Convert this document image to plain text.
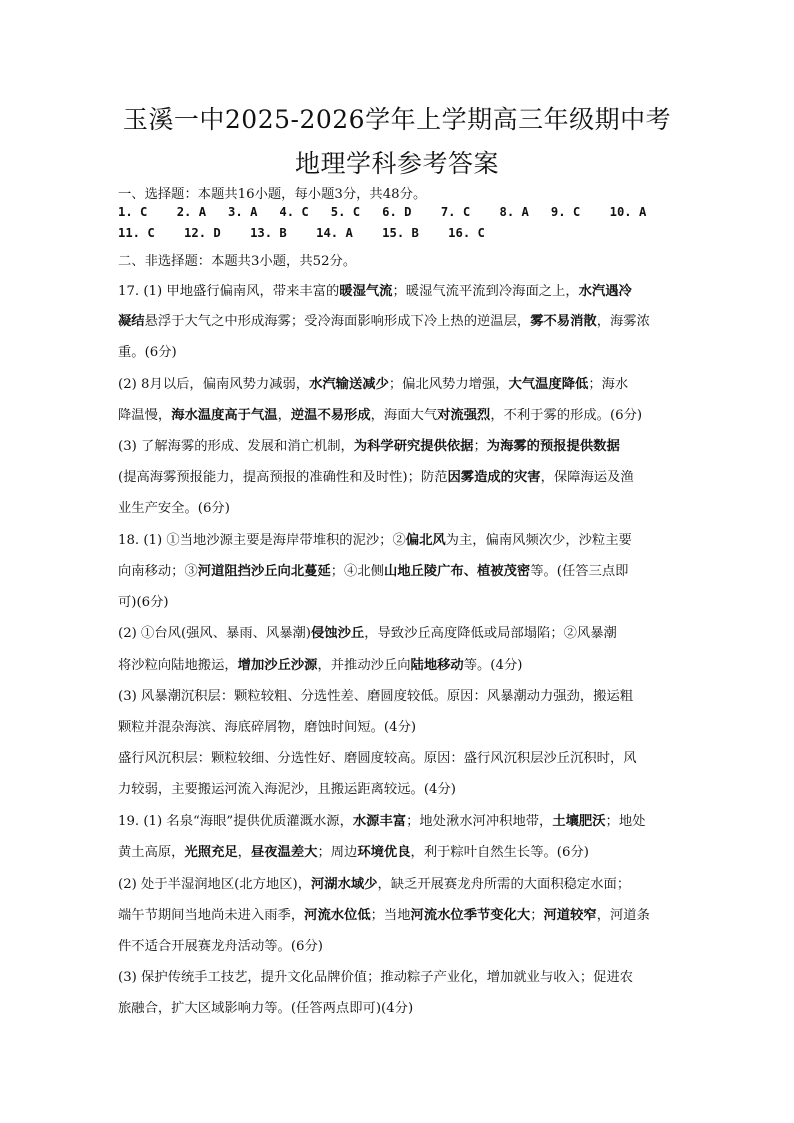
玉溪一中2025-2026学年上学期高三年级期中考
地理学科参考答案
一、选择题：本题共16小题，每小题3分，共48分。
1. C    2. A   3. A   4. C   5. C   6. D    7. C    8. A   9. C    10. A
11. C    12. D    13. B    14. A    15. B    16. C
二、非选择题：本题共3小题，共52分。
17. (1) 甲地盛行偏南风，带来丰富的暖湿气流；暖湿气流平流到冷海面之上，水汽遇冷
凝结悬浮于大气之中形成海雾；受冷海面影响形成下冷上热的逆温层，雾不易消散，海雾浓
重。(6分)
(2) 8月以后，偏南风势力减弱，水汽输送减少；偏北风势力增强，大气温度降低；海水
降温慢，海水温度高于气温，逆温不易形成，海面大气对流强烈，不利于雾的形成。(6分)
(3) 了解海雾的形成、发展和消亡机制，为科学研究提供依据；为海雾的预报提供数据
(提高海雾预报能力，提高预报的准确性和及时性)；防范因雾造成的灾害，保障海运及渔
业生产安全。(6分)
18. (1) ①当地沙源主要是海岸带堆积的泥沙；②偏北风为主，偏南风频次少，沙粒主要
向南移动；③河道阻挡沙丘向北蔓延；④北侧山地丘陵广布、植被茂密等。(任答三点即
可)(6分)
(2) ①台风(强风、暴雨、风暴潮)侵蚀沙丘，导致沙丘高度降低或局部塌陷；②风暴潮
将沙粒向陆地搬运，增加沙丘沙源，并推动沙丘向陆地移动等。(4分)
(3) 风暴潮沉积层：颗粒较粗、分选性差、磨圆度较低。原因：风暴潮动力强劲，搬运粗
颗粒并混杂海滨、海底碎屑物，磨蚀时间短。(4分)
盛行风沉积层：颗粒较细、分选性好、磨圆度较高。原因：盛行风沉积层沙丘沉积时，风
力较弱，主要搬运河流入海泥沙，且搬运距离较远。(4分)
19. (1) 名泉“海眼”提供优质灌溉水源，水源丰富；地处湫水河冲积地带，土壤肥沃；地处
黄土高原，光照充足，昼夜温差大；周边环境优良，利于粽叶自然生长等。(6分)
(2) 处于半湿润地区(北方地区)，河湖水域少，缺乏开展赛龙舟所需的大面积稳定水面；
端午节期间当地尚未进入雨季，河流水位低；当地河流水位季节变化大；河道较窄，河道条
件不适合开展赛龙舟活动等。(6分)
(3) 保护传统手工技艺，提升文化品牌价值；推动粽子产业化，增加就业与收入；促进农
旅融合，扩大区域影响力等。(任答两点即可)(4分)
